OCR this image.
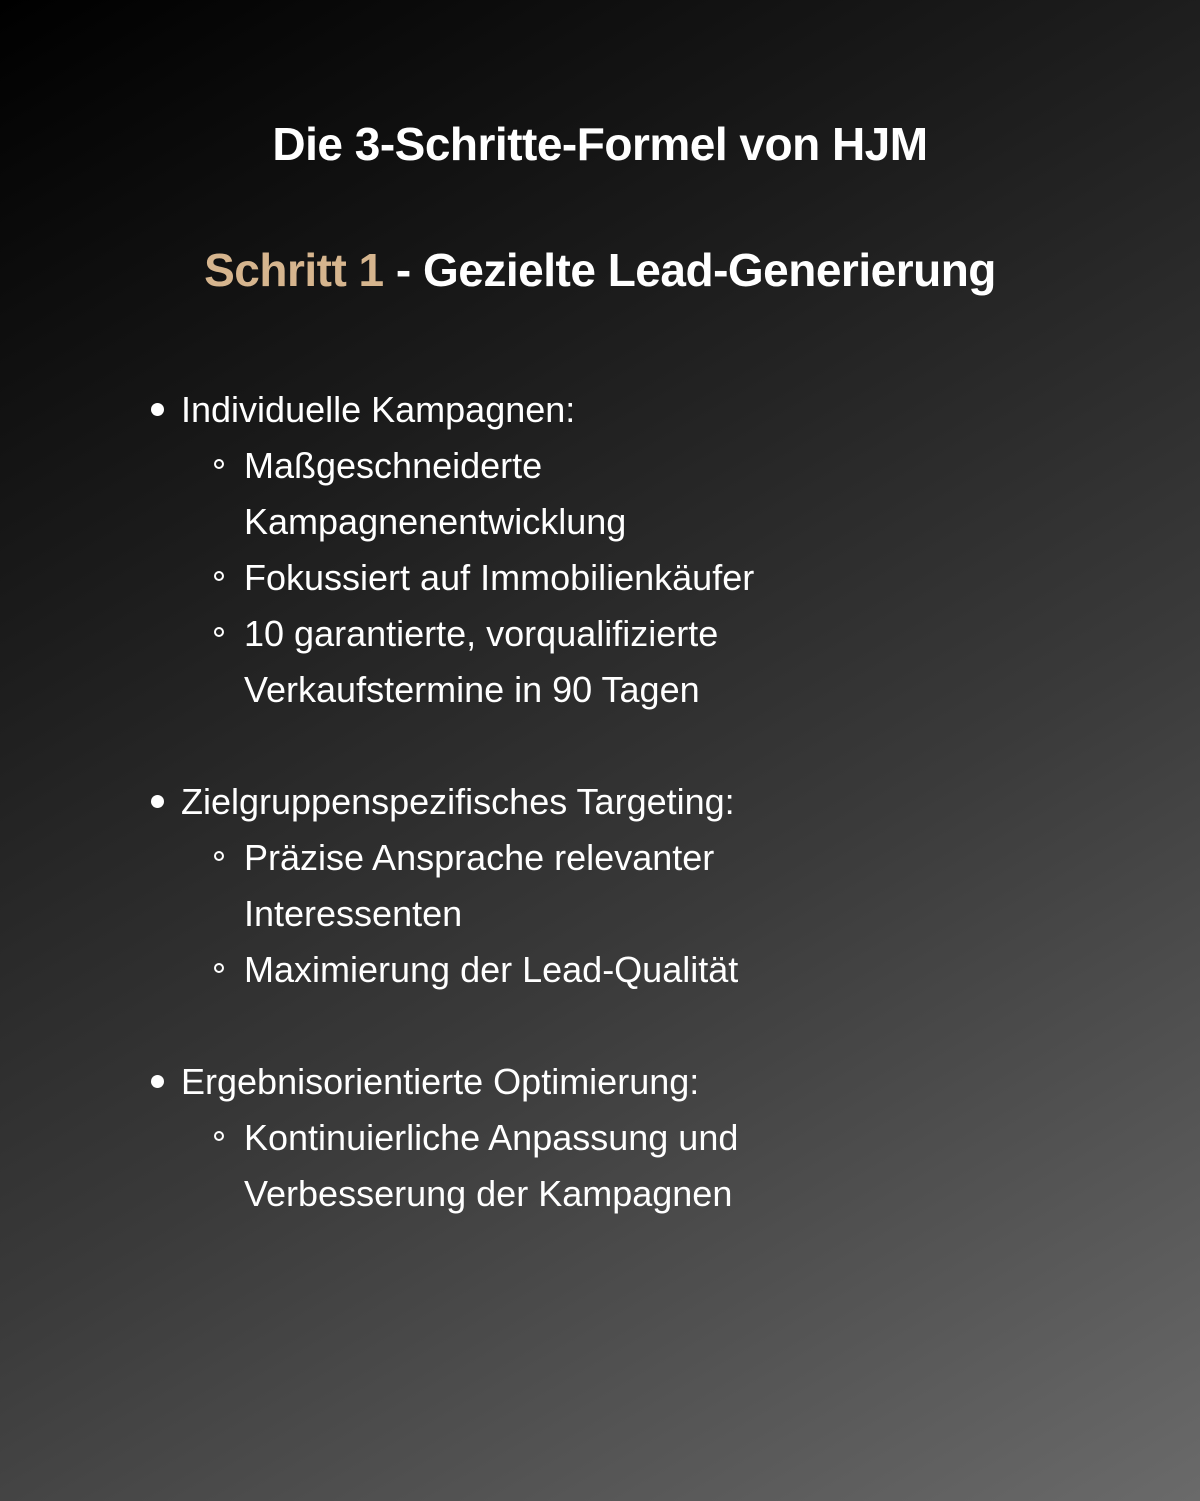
Die 3-Schritte-Formel von HJM
Schritt 1 - Gezielte Lead-Generierung
Individuelle Kampagnen:
Maßgeschneiderte Kampagnenentwicklung
Fokussiert auf Immobilienkäufer
10 garantierte, vorqualifizierte Verkaufstermine in 90 Tagen
Zielgruppenspezifisches Targeting:
Präzise Ansprache relevanter Interessenten
Maximierung der Lead-Qualität
Ergebnisorientierte Optimierung:
Kontinuierliche Anpassung und Verbesserung der Kampagnen
